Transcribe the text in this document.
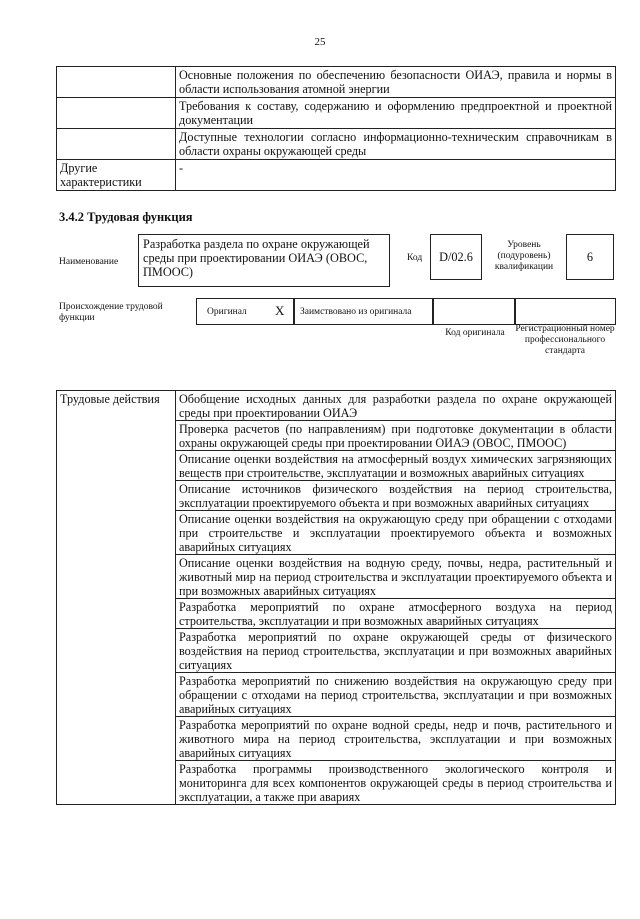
25
	Основные положения по обеспечению безопасности ОИАЭ, правила и нормы в области использования атомной энергии
	Требования к составу, содержанию и оформлению предпроектной и проектной документации
	Доступные технологии согласно информационно-техническим справочникам в области охраны окружающей среды
Другие характеристики	-
3.4.2 Трудовая функция
Наименование
Разработка раздела по охране окружающей среды при проектировании ОИАЭ (ОВОС, ПМООС)
Код D/02.6
Уровень (подуровень) квалификации
6
Происхождение трудовой функции
Оригинал X Заимствовано из оригинала
Код оригинала	Регистрационный номер профессионального стандарта
Трудовые действия	Обобщение исходных данных для разработки раздела по охране окружающей среды при проектировании ОИАЭ
Проверка расчетов (по направлениям) при подготовке документации в области охраны окружающей среды при проектировании ОИАЭ (ОВОС, ПМООС)
Описание оценки воздействия на атмосферный воздух химических загрязняющих веществ при строительстве, эксплуатации и возможных аварийных ситуациях
Описание источников физического воздействия на период строительства, эксплуатации проектируемого объекта и при возможных аварийных ситуациях
Описание оценки воздействия на окружающую среду при обращении с отходами при строительстве и эксплуатации проектируемого объекта и возможных аварийных ситуациях
Описание оценки воздействия на водную среду, почвы, недра, растительный и животный мир на период строительства и эксплуатации проектируемого объекта и при возможных аварийных ситуациях
Разработка мероприятий по охране атмосферного воздуха на период строительства, эксплуатации и при возможных аварийных ситуациях
Разработка мероприятий по охране окружающей среды от физического воздействия на период строительства, эксплуатации и при возможных аварийных ситуациях
Разработка мероприятий по снижению воздействия на окружающую среду при обращении с отходами на период строительства, эксплуатации и при возможных аварийных ситуациях
Разработка мероприятий по охране водной среды, недр и почв, растительного и животного мира на период строительства, эксплуатации и при возможных аварийных ситуациях
Разработка программы производственного экологического контроля и мониторинга для всех компонентов окружающей среды в период строительства и эксплуатации, а также при авариях
